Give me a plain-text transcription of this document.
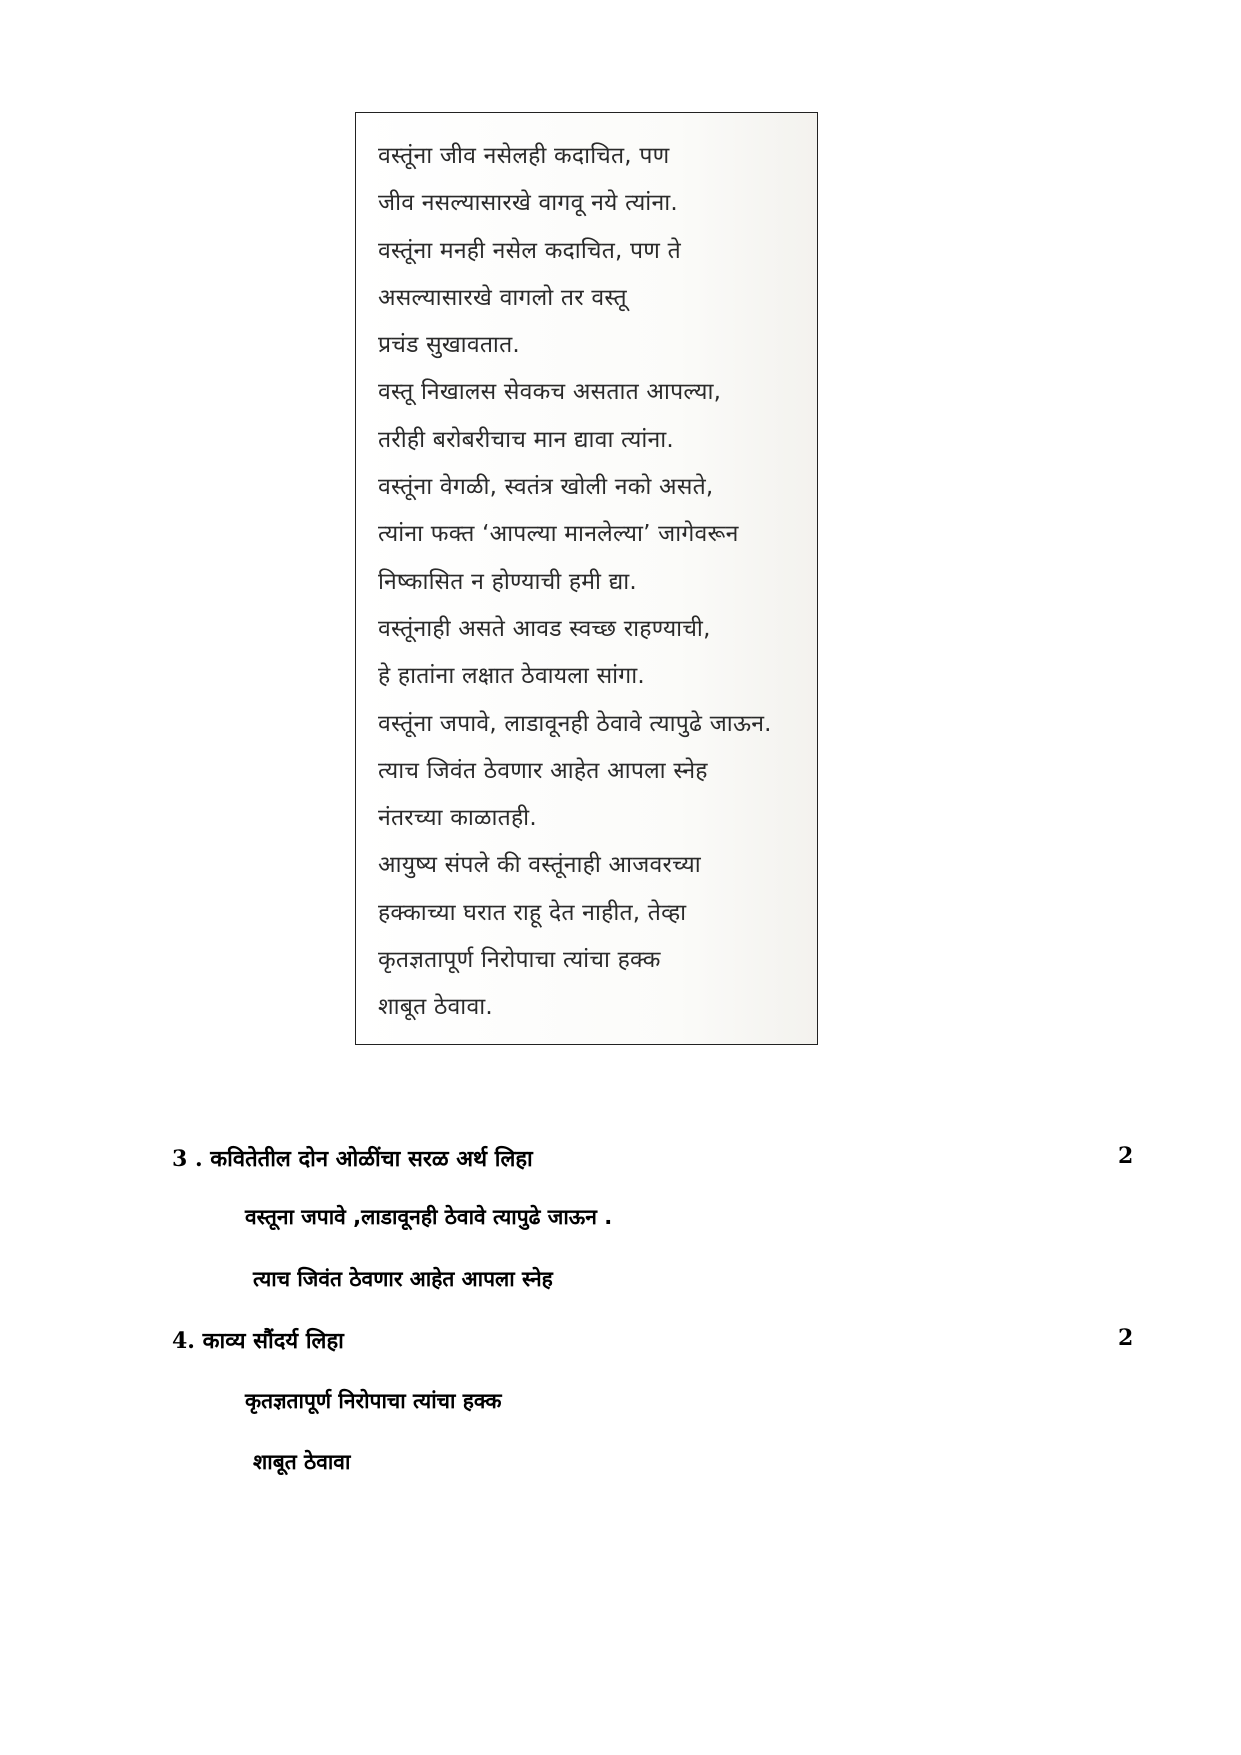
वस्तूंना जीव नसेलही कदाचित, पण
जीव नसल्यासारखे वागवू नये त्यांना.
वस्तूंना मनही नसेल कदाचित, पण ते
असल्यासारखे वागलो तर वस्तू
प्रचंड सुखावतात.
वस्तू निखालस सेवकच असतात आपल्या,
तरीही बरोबरीचाच मान द्यावा त्यांना.
वस्तूंना वेगळी, स्वतंत्र खोली नको असते,
त्यांना फक्त ‘आपल्या मानलेल्या’ जागेवरून
निष्कासित न होण्याची हमी द्या.
वस्तूंनाही असते आवड स्वच्छ राहण्याची,
हे हातांना लक्षात ठेवायला सांगा.
वस्तूंना जपावे, लाडावूनही ठेवावे त्यापुढे जाऊन.
त्याच जिवंत ठेवणार आहेत आपला स्नेह
नंतरच्या काळातही.
आयुष्य संपले की वस्तूंनाही आजवरच्या
हक्काच्या घरात राहू देत नाहीत, तेव्हा
कृतज्ञतापूर्ण निरोपाचा त्यांचा हक्क
शाबूत ठेवावा.
3 . कवितेतील दोन ओळींचा सरळ अर्थ लिहा	2
वस्तूना जपावे ,लाडावूनही ठेवावे त्यापुढे जाऊन .
त्याच जिवंत ठेवणार आहेत आपला स्नेह
4. काव्य सौंदर्य लिहा	2
कृतज्ञतापूर्ण निरोपाचा त्यांचा हक्क
शाबूत ठेवावा
